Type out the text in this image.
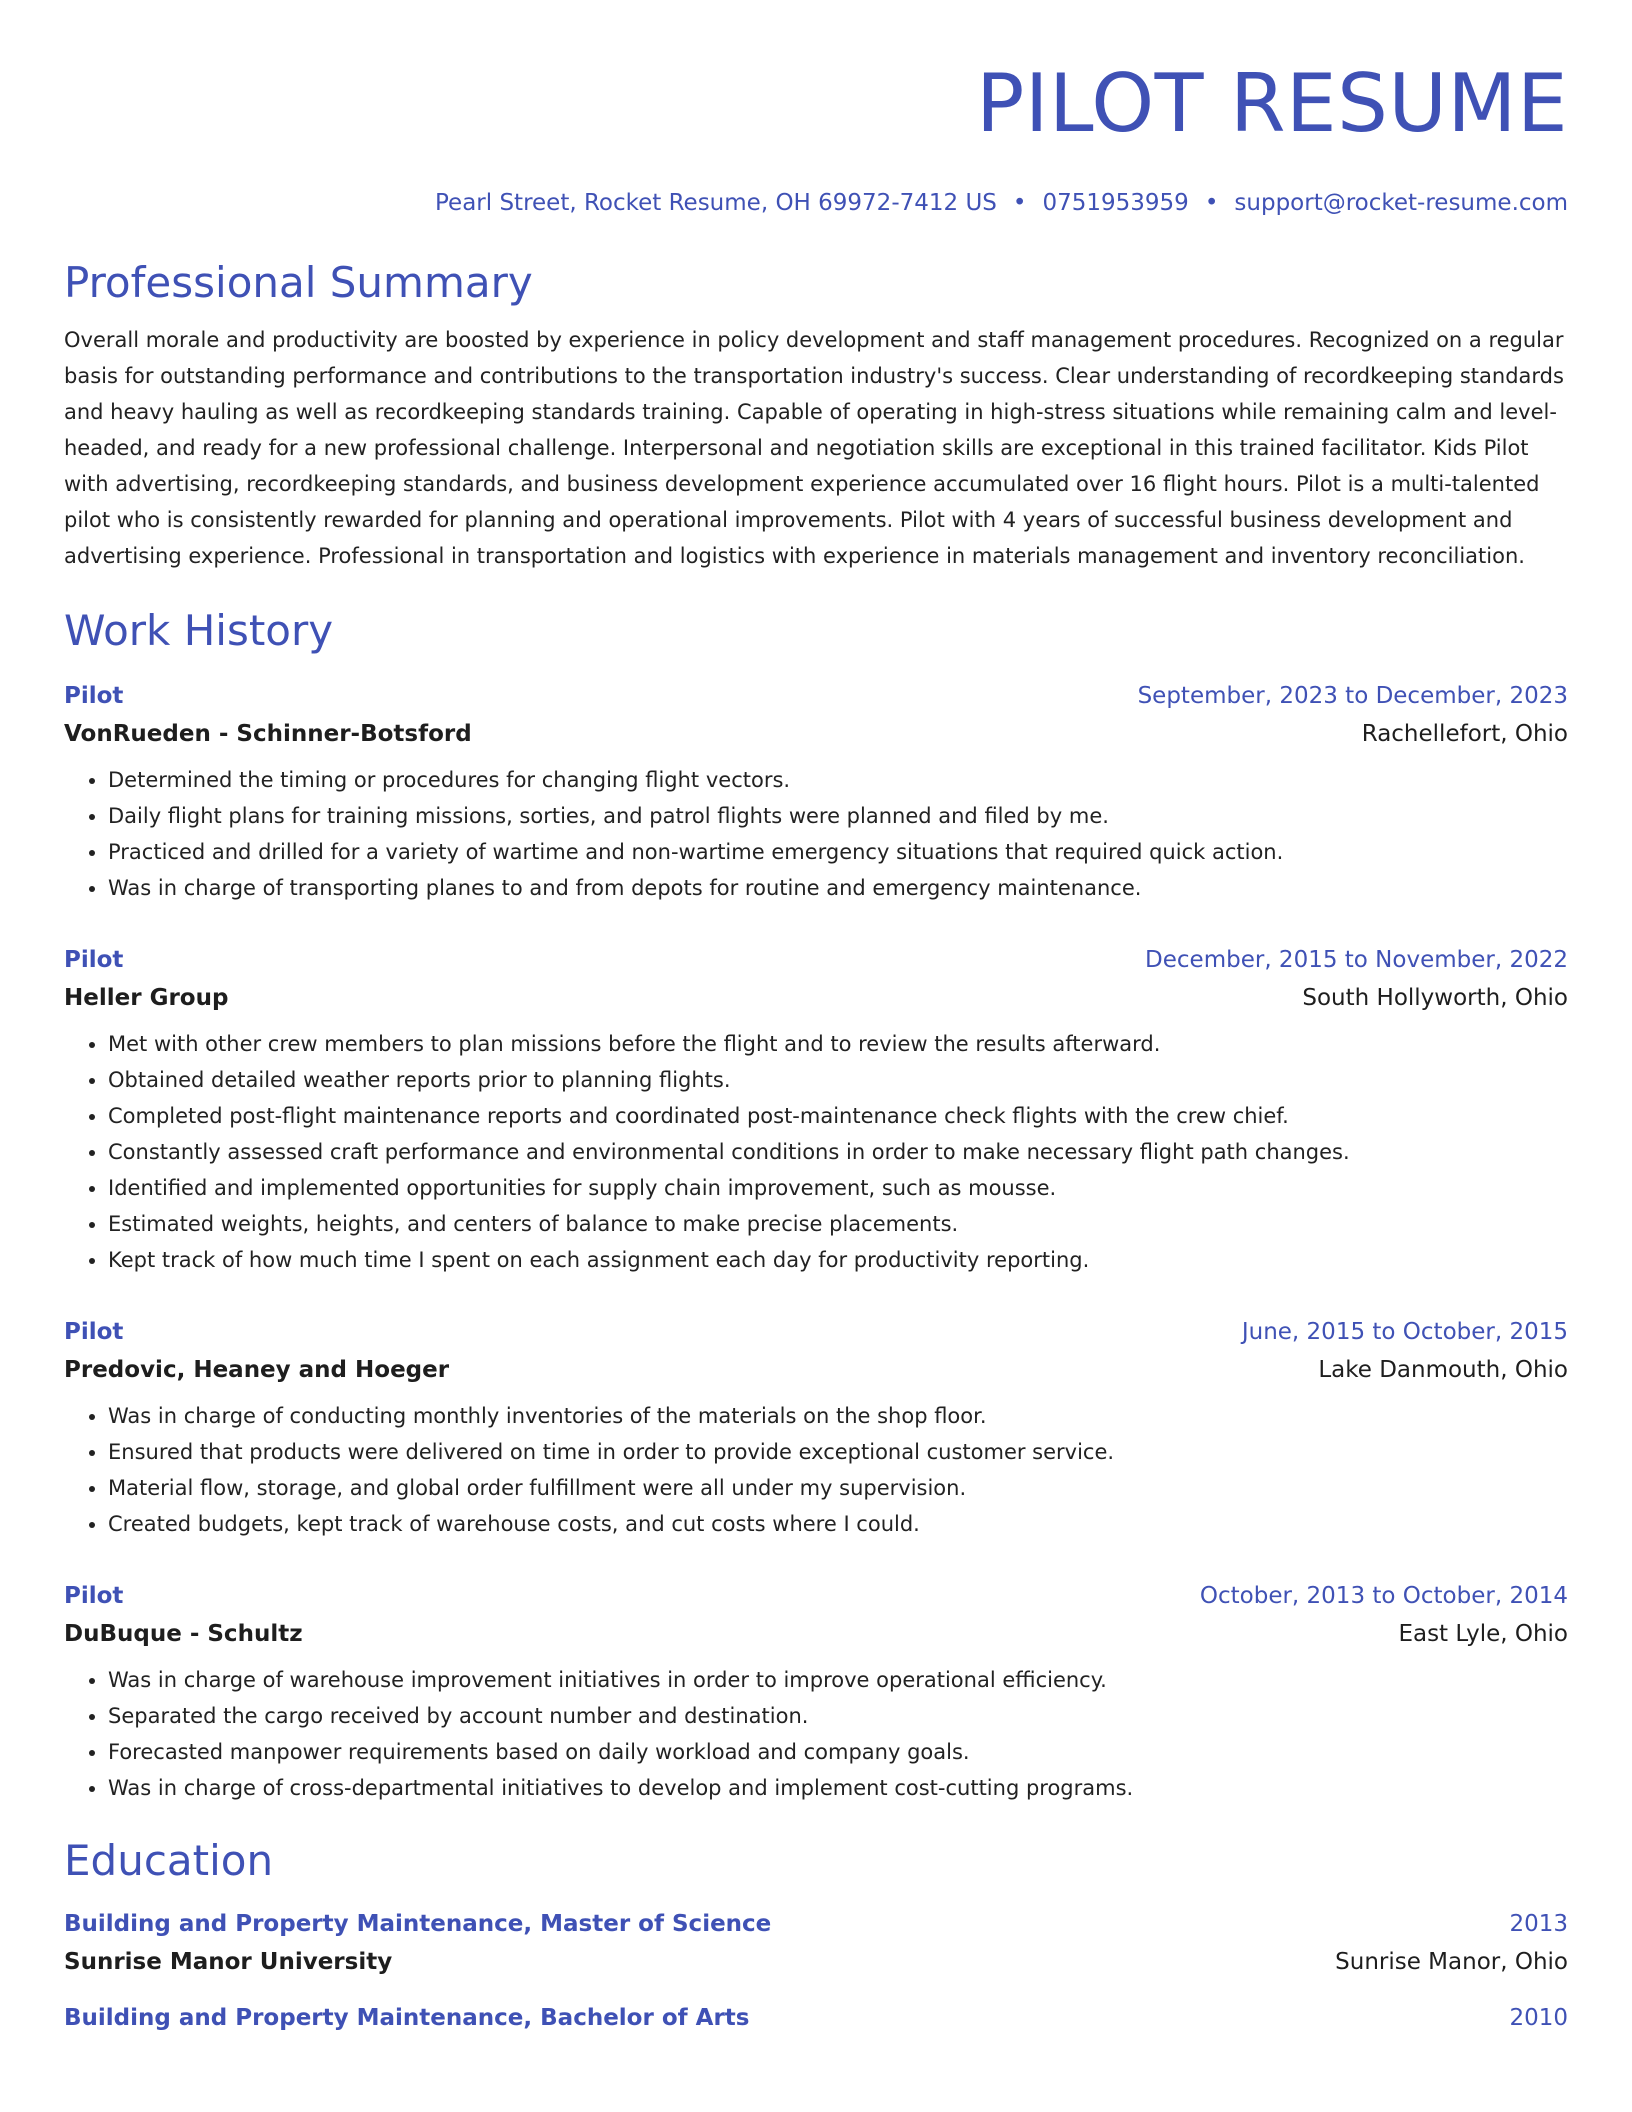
PILOT RESUME
Pearl Street, Rocket Resume, OH 69972-7412 US • 0751953959 • support@rocket-resume.com
Professional Summary
Overall morale and productivity are boosted by experience in policy development and staff management procedures. Recognized on a regular basis for outstanding performance and contributions to the transportation industry's success. Clear understanding of recordkeeping standards and heavy hauling as well as recordkeeping standards training. Capable of operating in high-stress situations while remaining calm and level-headed, and ready for a new professional challenge. Interpersonal and negotiation skills are exceptional in this trained facilitator. Kids Pilot with advertising, recordkeeping standards, and business development experience accumulated over 16 flight hours. Pilot is a multi-talented pilot who is consistently rewarded for planning and operational improvements. Pilot with 4 years of successful business development and advertising experience. Professional in transportation and logistics with experience in materials management and inventory reconciliation.
Work History
Pilot	September, 2023 to December, 2023
VonRueden - Schinner-Botsford	Rachellefort, Ohio
• Determined the timing or procedures for changing flight vectors.
• Daily flight plans for training missions, sorties, and patrol flights were planned and filed by me.
• Practiced and drilled for a variety of wartime and non-wartime emergency situations that required quick action.
• Was in charge of transporting planes to and from depots for routine and emergency maintenance.
Pilot	December, 2015 to November, 2022
Heller Group	South Hollyworth, Ohio
• Met with other crew members to plan missions before the flight and to review the results afterward.
• Obtained detailed weather reports prior to planning flights.
• Completed post-flight maintenance reports and coordinated post-maintenance check flights with the crew chief.
• Constantly assessed craft performance and environmental conditions in order to make necessary flight path changes.
• Identified and implemented opportunities for supply chain improvement, such as mousse.
• Estimated weights, heights, and centers of balance to make precise placements.
• Kept track of how much time I spent on each assignment each day for productivity reporting.
Pilot	June, 2015 to October, 2015
Predovic, Heaney and Hoeger	Lake Danmouth, Ohio
• Was in charge of conducting monthly inventories of the materials on the shop floor.
• Ensured that products were delivered on time in order to provide exceptional customer service.
• Material flow, storage, and global order fulfillment were all under my supervision.
• Created budgets, kept track of warehouse costs, and cut costs where I could.
Pilot	October, 2013 to October, 2014
DuBuque - Schultz	East Lyle, Ohio
• Was in charge of warehouse improvement initiatives in order to improve operational efficiency.
• Separated the cargo received by account number and destination.
• Forecasted manpower requirements based on daily workload and company goals.
• Was in charge of cross-departmental initiatives to develop and implement cost-cutting programs.
Education
Building and Property Maintenance, Master of Science	2013
Sunrise Manor University	Sunrise Manor, Ohio
Building and Property Maintenance, Bachelor of Arts	2010
